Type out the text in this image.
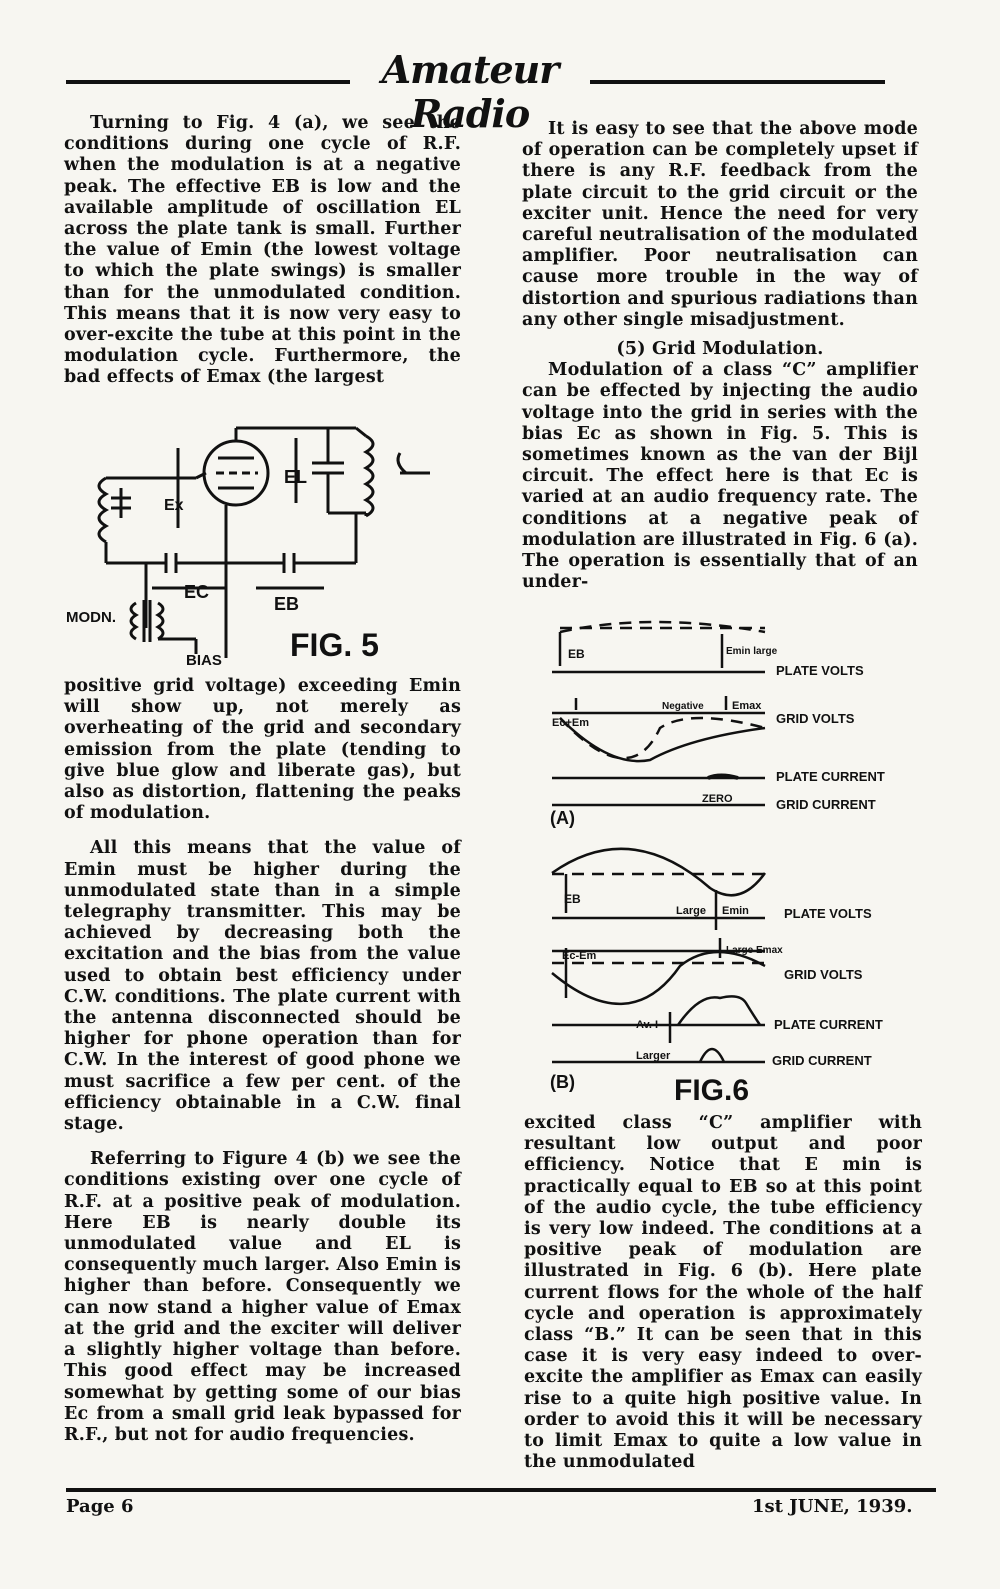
Amateur Radio

Turning to Fig. 4 (a), we see the conditions during one cycle of R.F. when the modulation is at a negative peak. The effective EB is low and the available amplitude of oscillation EL across the plate tank is small. Further the value of Emin (the lowest voltage to which the plate swings) is smaller than for the unmodulated condition. This means that it is now very easy to over-excite the tube at this point in the modulation cycle. Furthermore, the bad effects of Emax (the largest

Ex
EL
EC
EB
MODN.
BIAS FIG. 5

positive grid voltage) exceeding Emin will show up, not merely as overheating of the grid and secondary emission from the plate (tending to give blue glow and liberate gas), but also as distortion, flattening the peaks of modulation.

All this means that the value of Emin must be higher during the unmodulated state than in a simple telegraphy transmitter. This may be achieved by decreasing both the excitation and the bias from the value used to obtain best efficiency under C.W. conditions. The plate current with the antenna disconnected should be higher for phone operation than for C.W. In the interest of good phone we must sacrifice a few per cent. of the efficiency obtainable in a C.W. final stage.

Referring to Figure 4 (b) we see the conditions existing over one cycle of R.F. at a positive peak of modulation. Here EB is nearly double its unmodulated value and EL is consequently much larger. Also Emin is higher than before. Consequently we can now stand a higher value of Emax at the grid and the exciter will deliver a slightly higher voltage than before. This good effect may be increased somewhat by getting some of our bias Ec from a small grid leak bypassed for R.F., but not for audio frequencies.

It is easy to see that the above mode of operation can be completely upset if there is any R.F. feedback from the plate circuit to the grid circuit or the exciter unit. Hence the need for very careful neutralisation of the modulated amplifier. Poor neutralisation can cause more trouble in the way of distortion and spurious radiations than any other single misadjustment.

(5) Grid Modulation.

Modulation of a class “C” amplifier can be effected by injecting the audio voltage into the grid in series with the bias Ec as shown in Fig. 5. This is sometimes known as the van der Bijl circuit. The effect here is that Ec is varied at an audio frequency rate. The conditions at a negative peak of modulation are illustrated in Fig. 6 (a). The operation is essentially that of an under-

EB	Emin large
PLATE VOLTS
Ec+Em
Negative	Emax
GRID VOLTS
PLATE CURRENT
ZERO	GRID CURRENT
(A)
EB
Large Emin	PLATE VOLTS
Ec-Em	Large Emax
GRID VOLTS
Av. I	PLATE CURRENT
Larger	GRID CURRENT
(B)	FIG.6

excited class “C” amplifier with resultant low output and poor efficiency. Notice that E min is practically equal to EB so at this point of the audio cycle, the tube efficiency is very low indeed. The conditions at a positive peak of modulation are illustrated in Fig. 6 (b). Here plate current flows for the whole of the half cycle and operation is approximately class “B.” It can be seen that in this case it is very easy indeed to over-excite the amplifier as Emax can easily rise to a quite high positive value. In order to avoid this it will be necessary to limit Emax to quite a low value in the unmodulated

Page 6	1st JUNE, 1939.
